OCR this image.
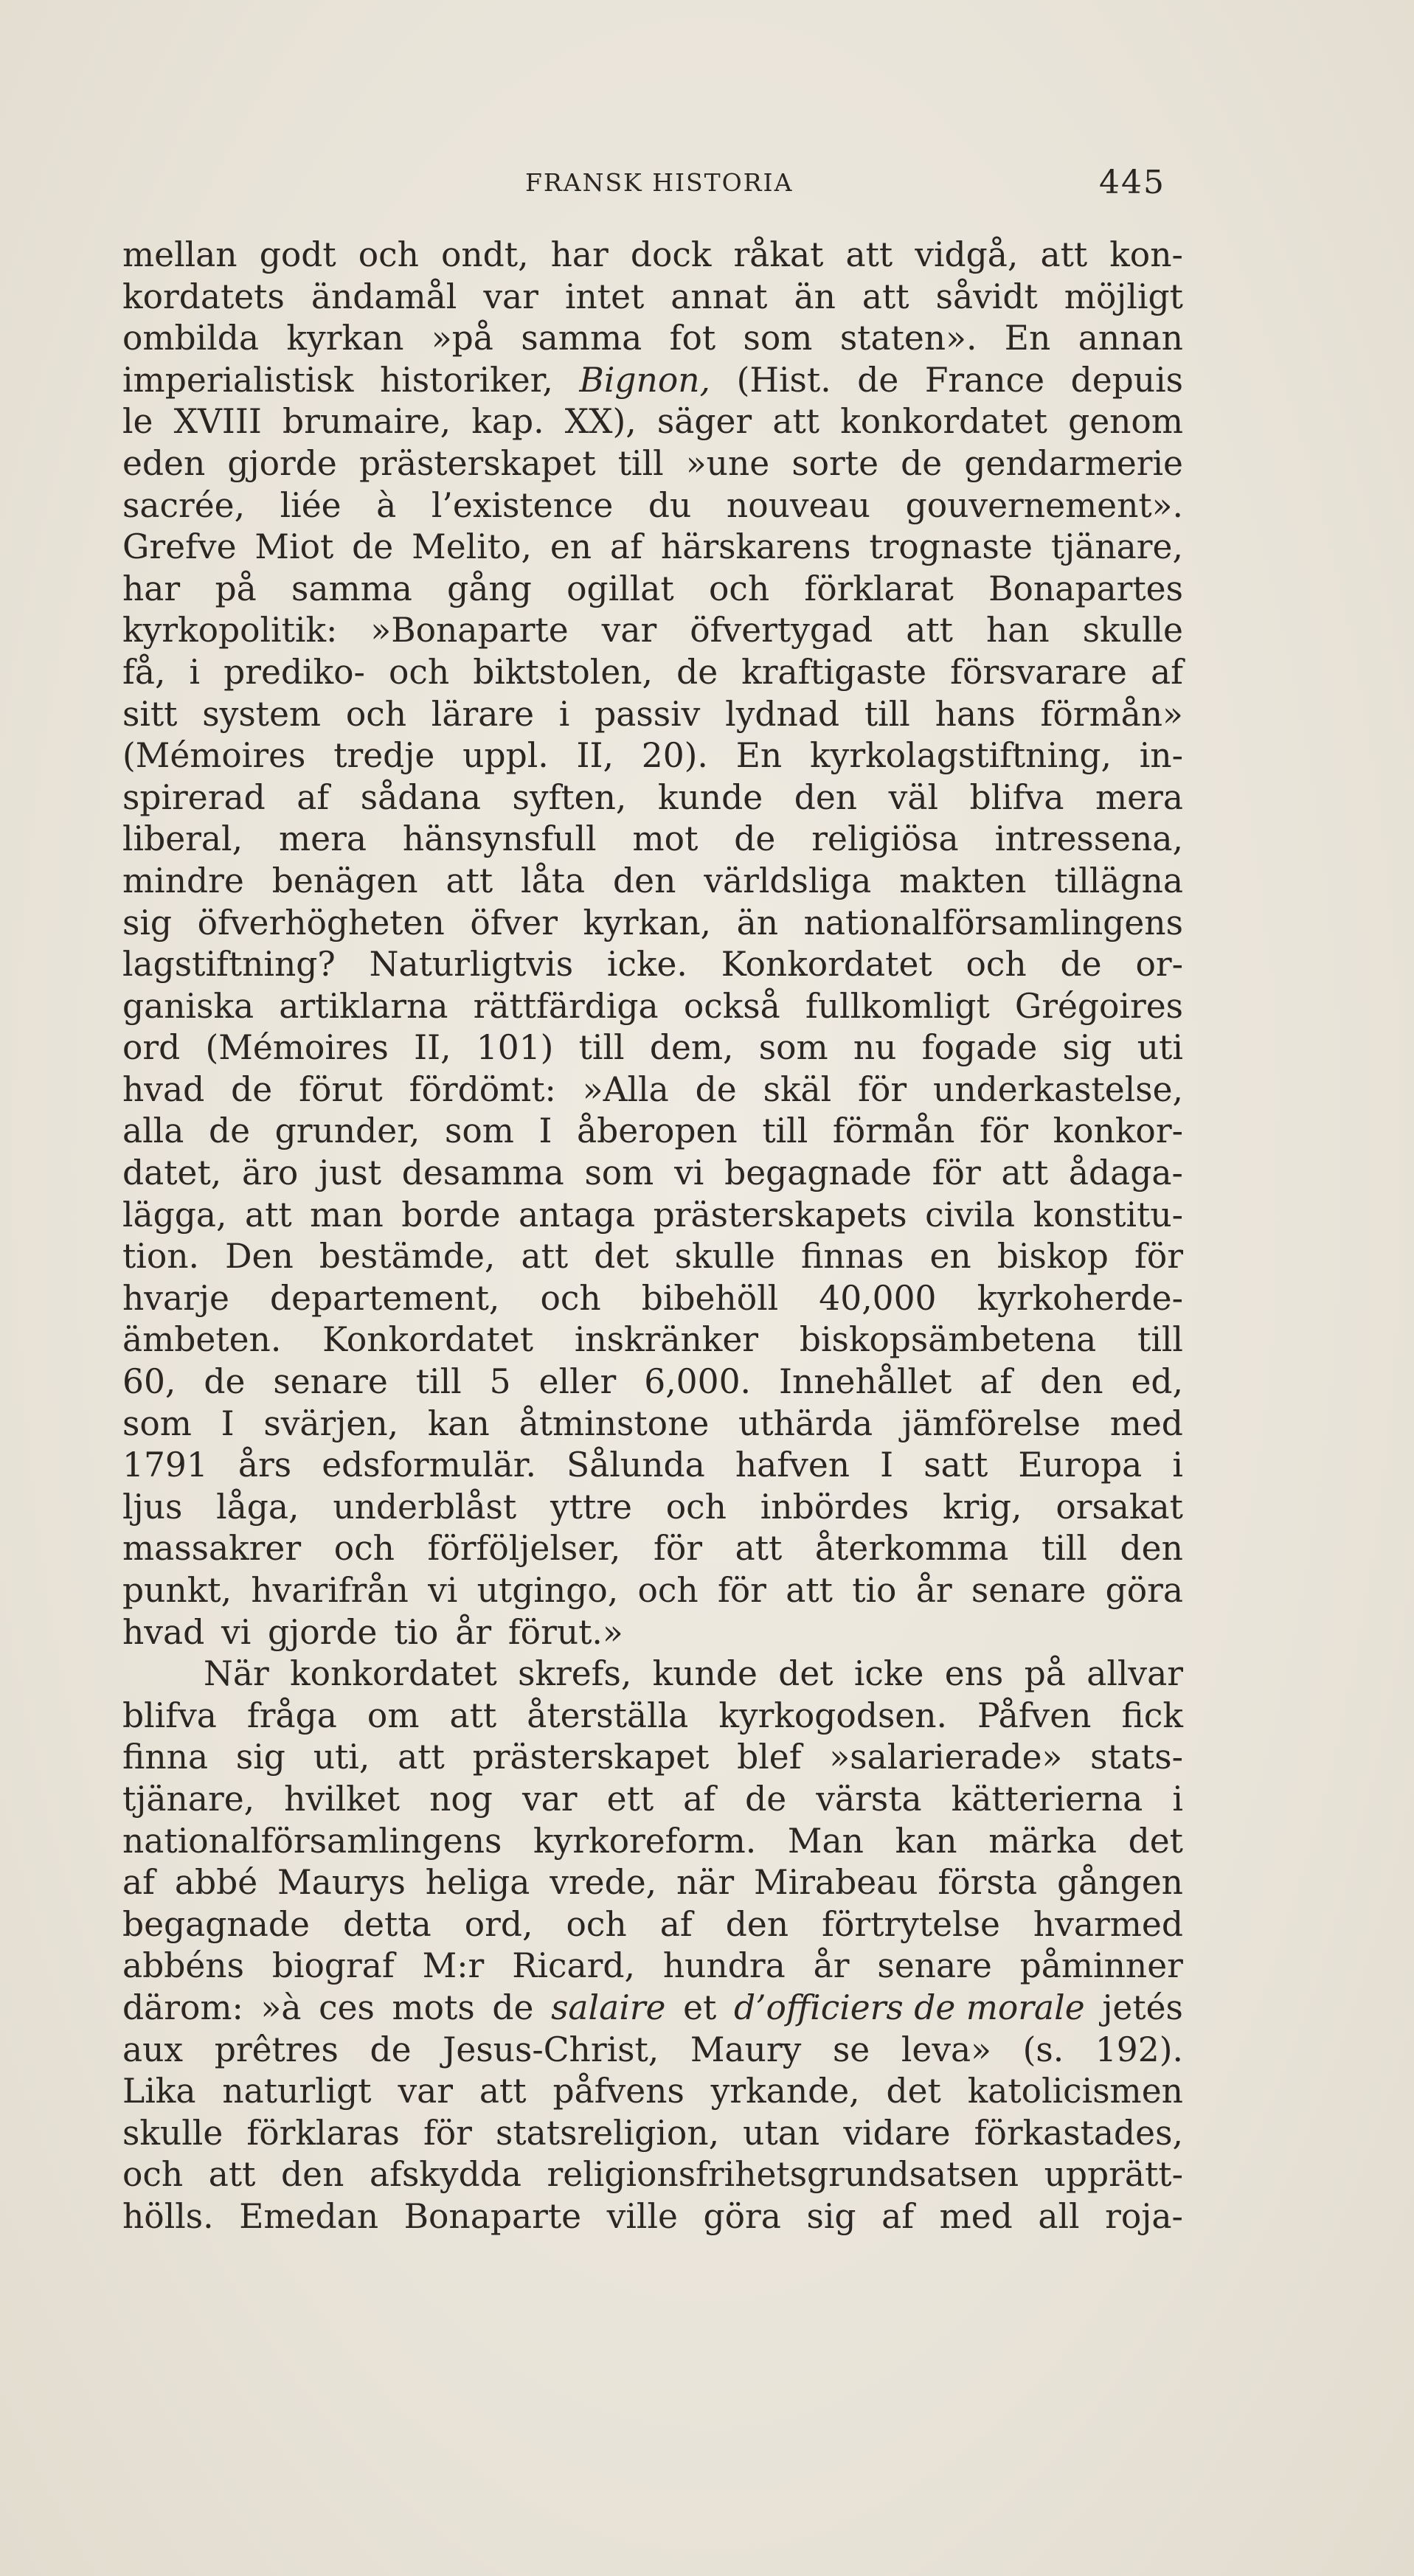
FRANSK HISTORIA	445
mellan godt och ondt, har dock råkat att vidgå, att kon-
kordatets ändamål var intet annat än att såvidt möjligt
ombilda kyrkan »på samma fot som staten». En annan
imperialistisk historiker, Bignon, (Hist. de France depuis
le XVIII brumaire, kap. XX), säger att konkordatet genom
eden gjorde prästerskapet till »une sorte de gendarmerie
sacrée, liée à l’existence du nouveau gouvernement».
Grefve Miot de Melito, en af härskarens trognaste tjänare,
har på samma gång ogillat och förklarat Bonapartes
kyrkopolitik: »Bonaparte var öfvertygad att han skulle
få, i prediko- och biktstolen, de kraftigaste försvarare af
sitt system och lärare i passiv lydnad till hans förmån»
(Mémoires tredje uppl. II, 20). En kyrkolagstiftning, in-
spirerad af sådana syften, kunde den väl blifva mera
liberal, mera hänsynsfull mot de religiösa intressena,
mindre benägen att låta den världsliga makten tillägna
sig öfverhögheten öfver kyrkan, än nationalförsamlingens
lagstiftning? Naturligtvis icke. Konkordatet och de or-
ganiska artiklarna rättfärdiga också fullkomligt Grégoires
ord (Mémoires II, 101) till dem, som nu fogade sig uti
hvad de förut fördömt: »Alla de skäl för underkastelse,
alla de grunder, som I åberopen till förmån för konkor-
datet, äro just desamma som vi begagnade för att ådaga-
lägga, att man borde antaga prästerskapets civila konstitu-
tion. Den bestämde, att det skulle finnas en biskop för
hvarje departement, och bibehöll 40,000 kyrkoherde-
ämbeten. Konkordatet inskränker biskopsämbetena till
60, de senare till 5 eller 6,000. Innehållet af den ed,
som I svärjen, kan åtminstone uthärda jämförelse med
1791 års edsformulär. Sålunda hafven I satt Europa i
ljus låga, underblåst yttre och inbördes krig, orsakat
massakrer och förföljelser, för att återkomma till den
punkt, hvarifrån vi utgingo, och för att tio år senare göra
hvad vi gjorde tio år förut.»
När konkordatet skrefs, kunde det icke ens på allvar
blifva fråga om att återställa kyrkogodsen. Påfven fick
finna sig uti, att prästerskapet blef »salarierade» stats-
tjänare, hvilket nog var ett af de värsta kätterierna i
nationalförsamlingens kyrkoreform. Man kan märka det
af abbé Maurys heliga vrede, när Mirabeau första gången
begagnade detta ord, och af den förtrytelse hvarmed
abbéns biograf M:r Ricard, hundra år senare påminner
därom: »à ces mots de salaire et d’officiers de morale jetés
aux prêtres de Jesus-Christ, Maury se leva» (s. 192).
Lika naturligt var att påfvens yrkande, det katolicismen
skulle förklaras för statsreligion, utan vidare förkastades,
och att den afskydda religionsfrihetsgrundsatsen upprätt-
hölls. Emedan Bonaparte ville göra sig af med all roja-
